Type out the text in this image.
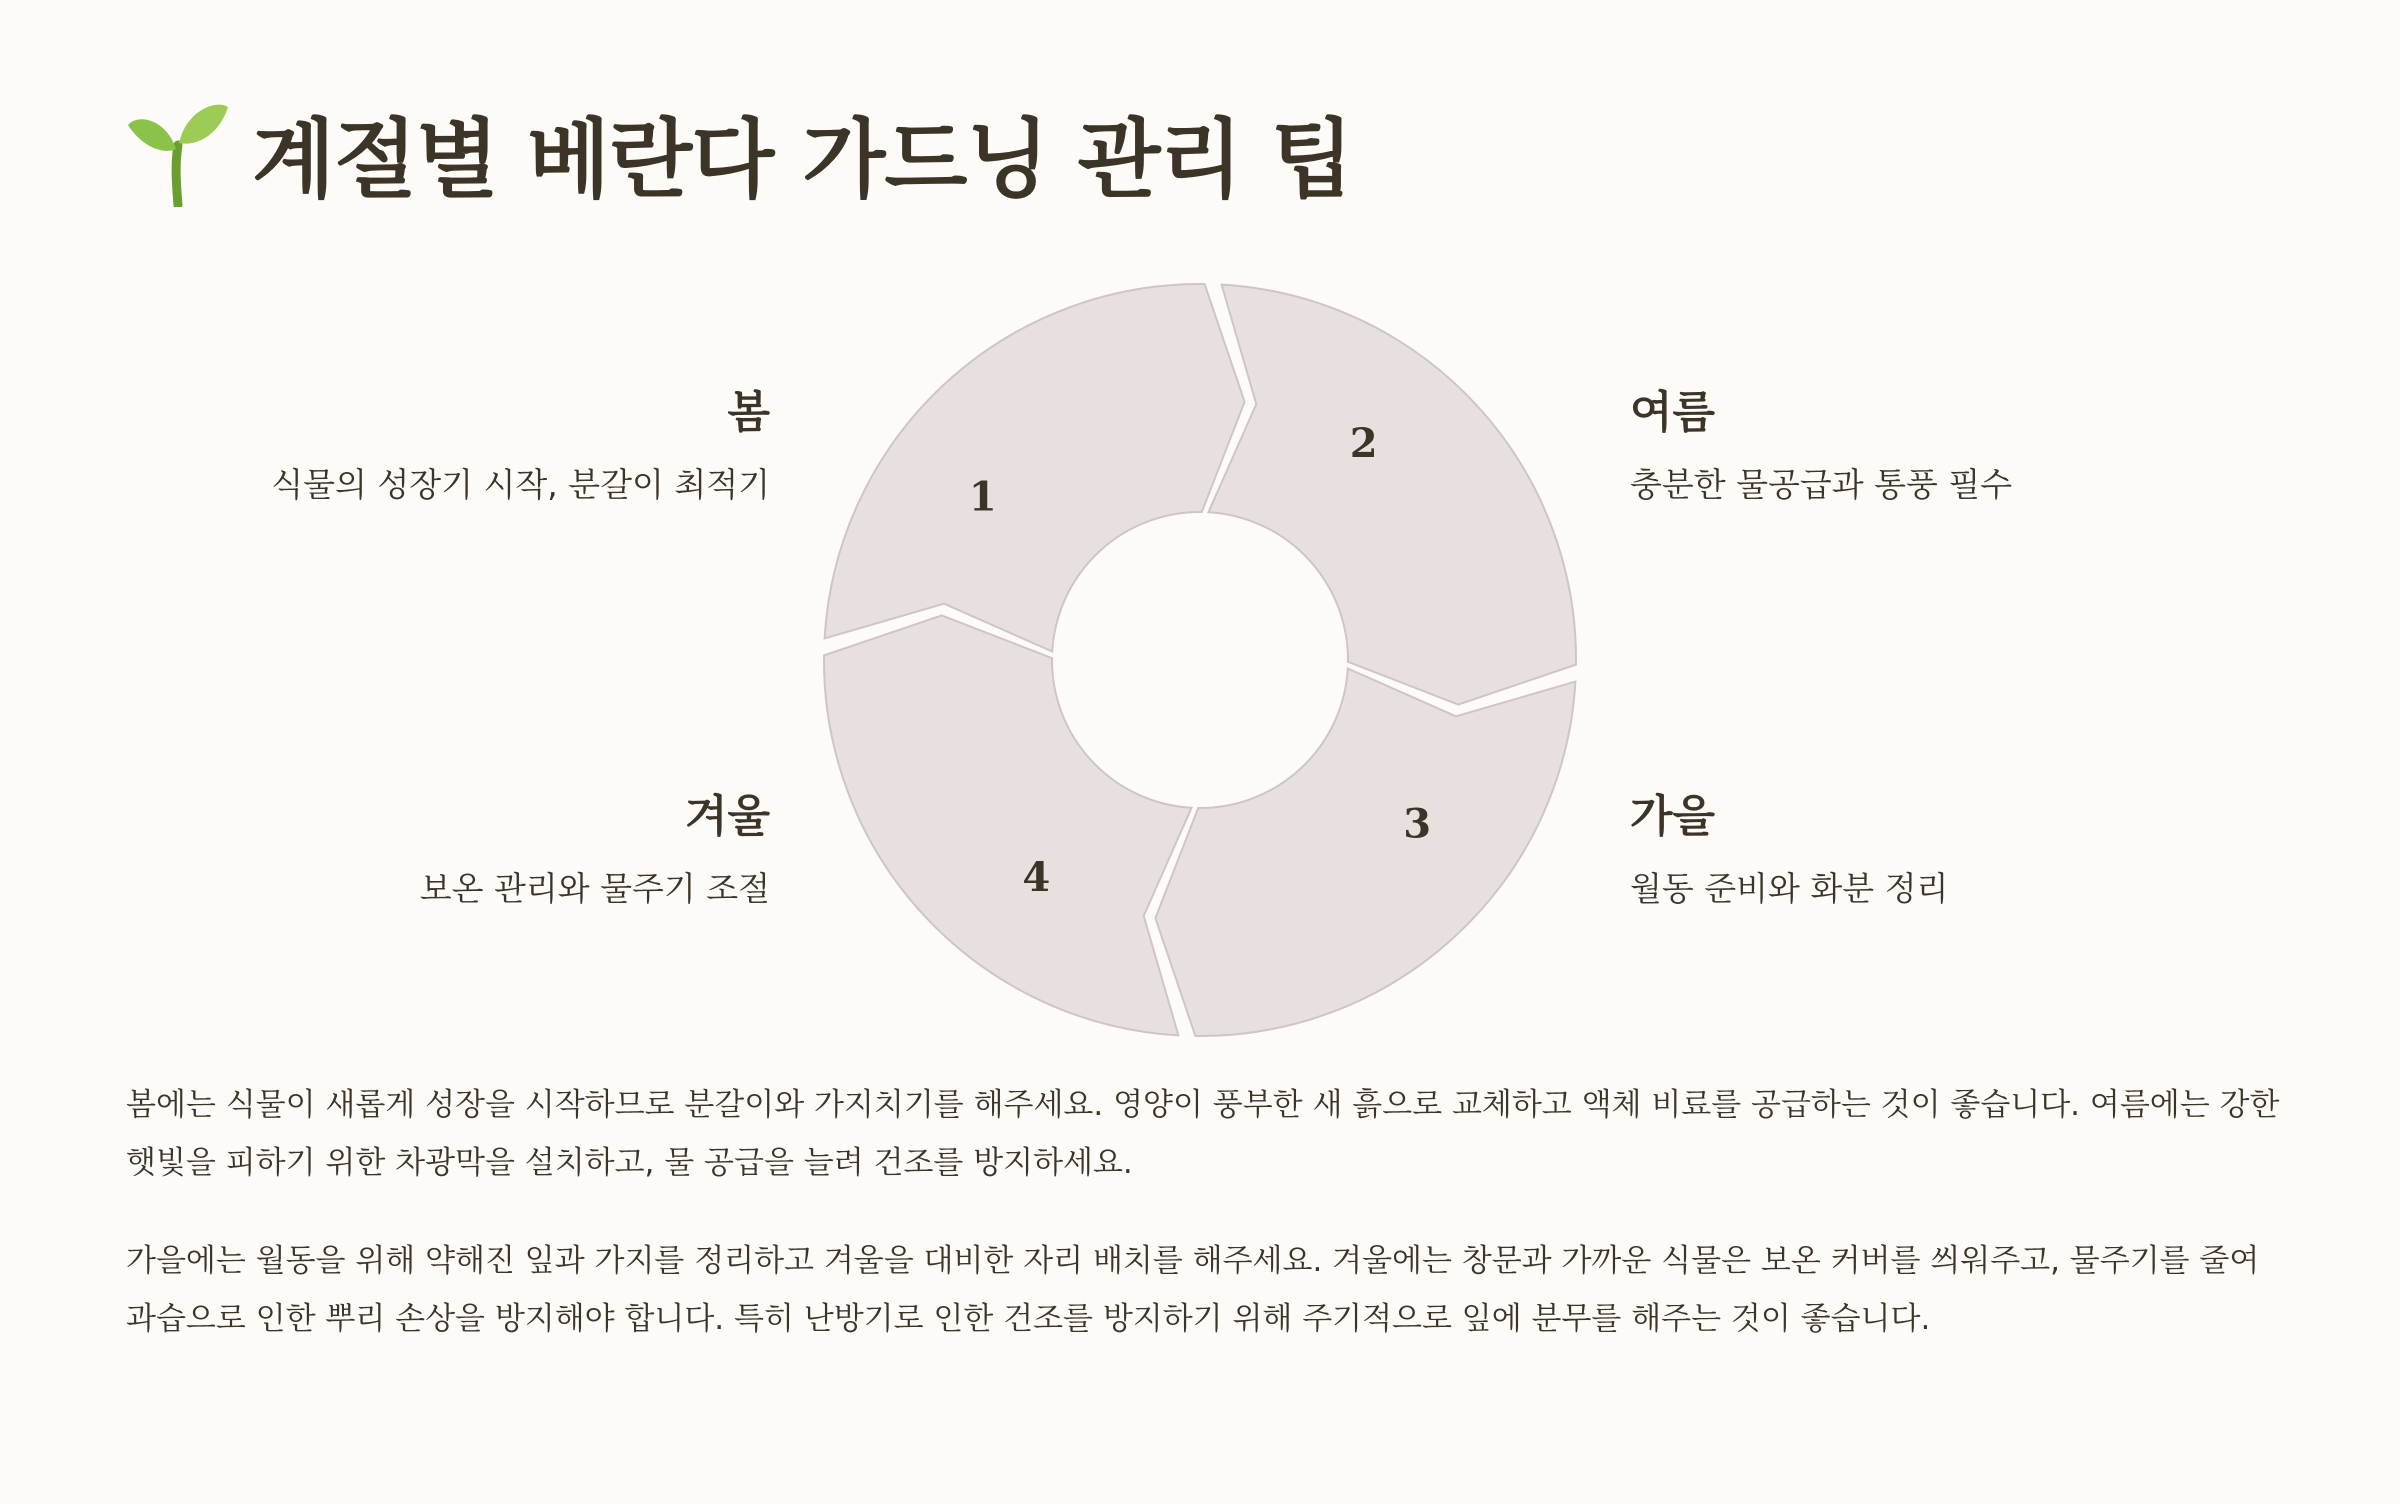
계절별 베란다 가드닝 관리 팁
1
2
3
4
봄
식물의 성장기 시작, 분갈이 최적기
여름
충분한 물공급과 통풍 필수
가을
월동 준비와 화분 정리
겨울
보온 관리와 물주기 조절
봄에는 식물이 새롭게 성장을 시작하므로 분갈이와 가지치기를 해주세요. 영양이 풍부한 새 흙으로 교체하고 액체 비료를 공급하는 것이 좋습니다. 여름에는 강한 햇빛을 피하기 위한 차광막을 설치하고, 물 공급을 늘려 건조를 방지하세요.
가을에는 월동을 위해 약해진 잎과 가지를 정리하고 겨울을 대비한 자리 배치를 해주세요. 겨울에는 창문과 가까운 식물은 보온 커버를 씌워주고, 물주기를 줄여 과습으로 인한 뿌리 손상을 방지해야 합니다. 특히 난방기로 인한 건조를 방지하기 위해 주기적으로 잎에 분무를 해주는 것이 좋습니다.
